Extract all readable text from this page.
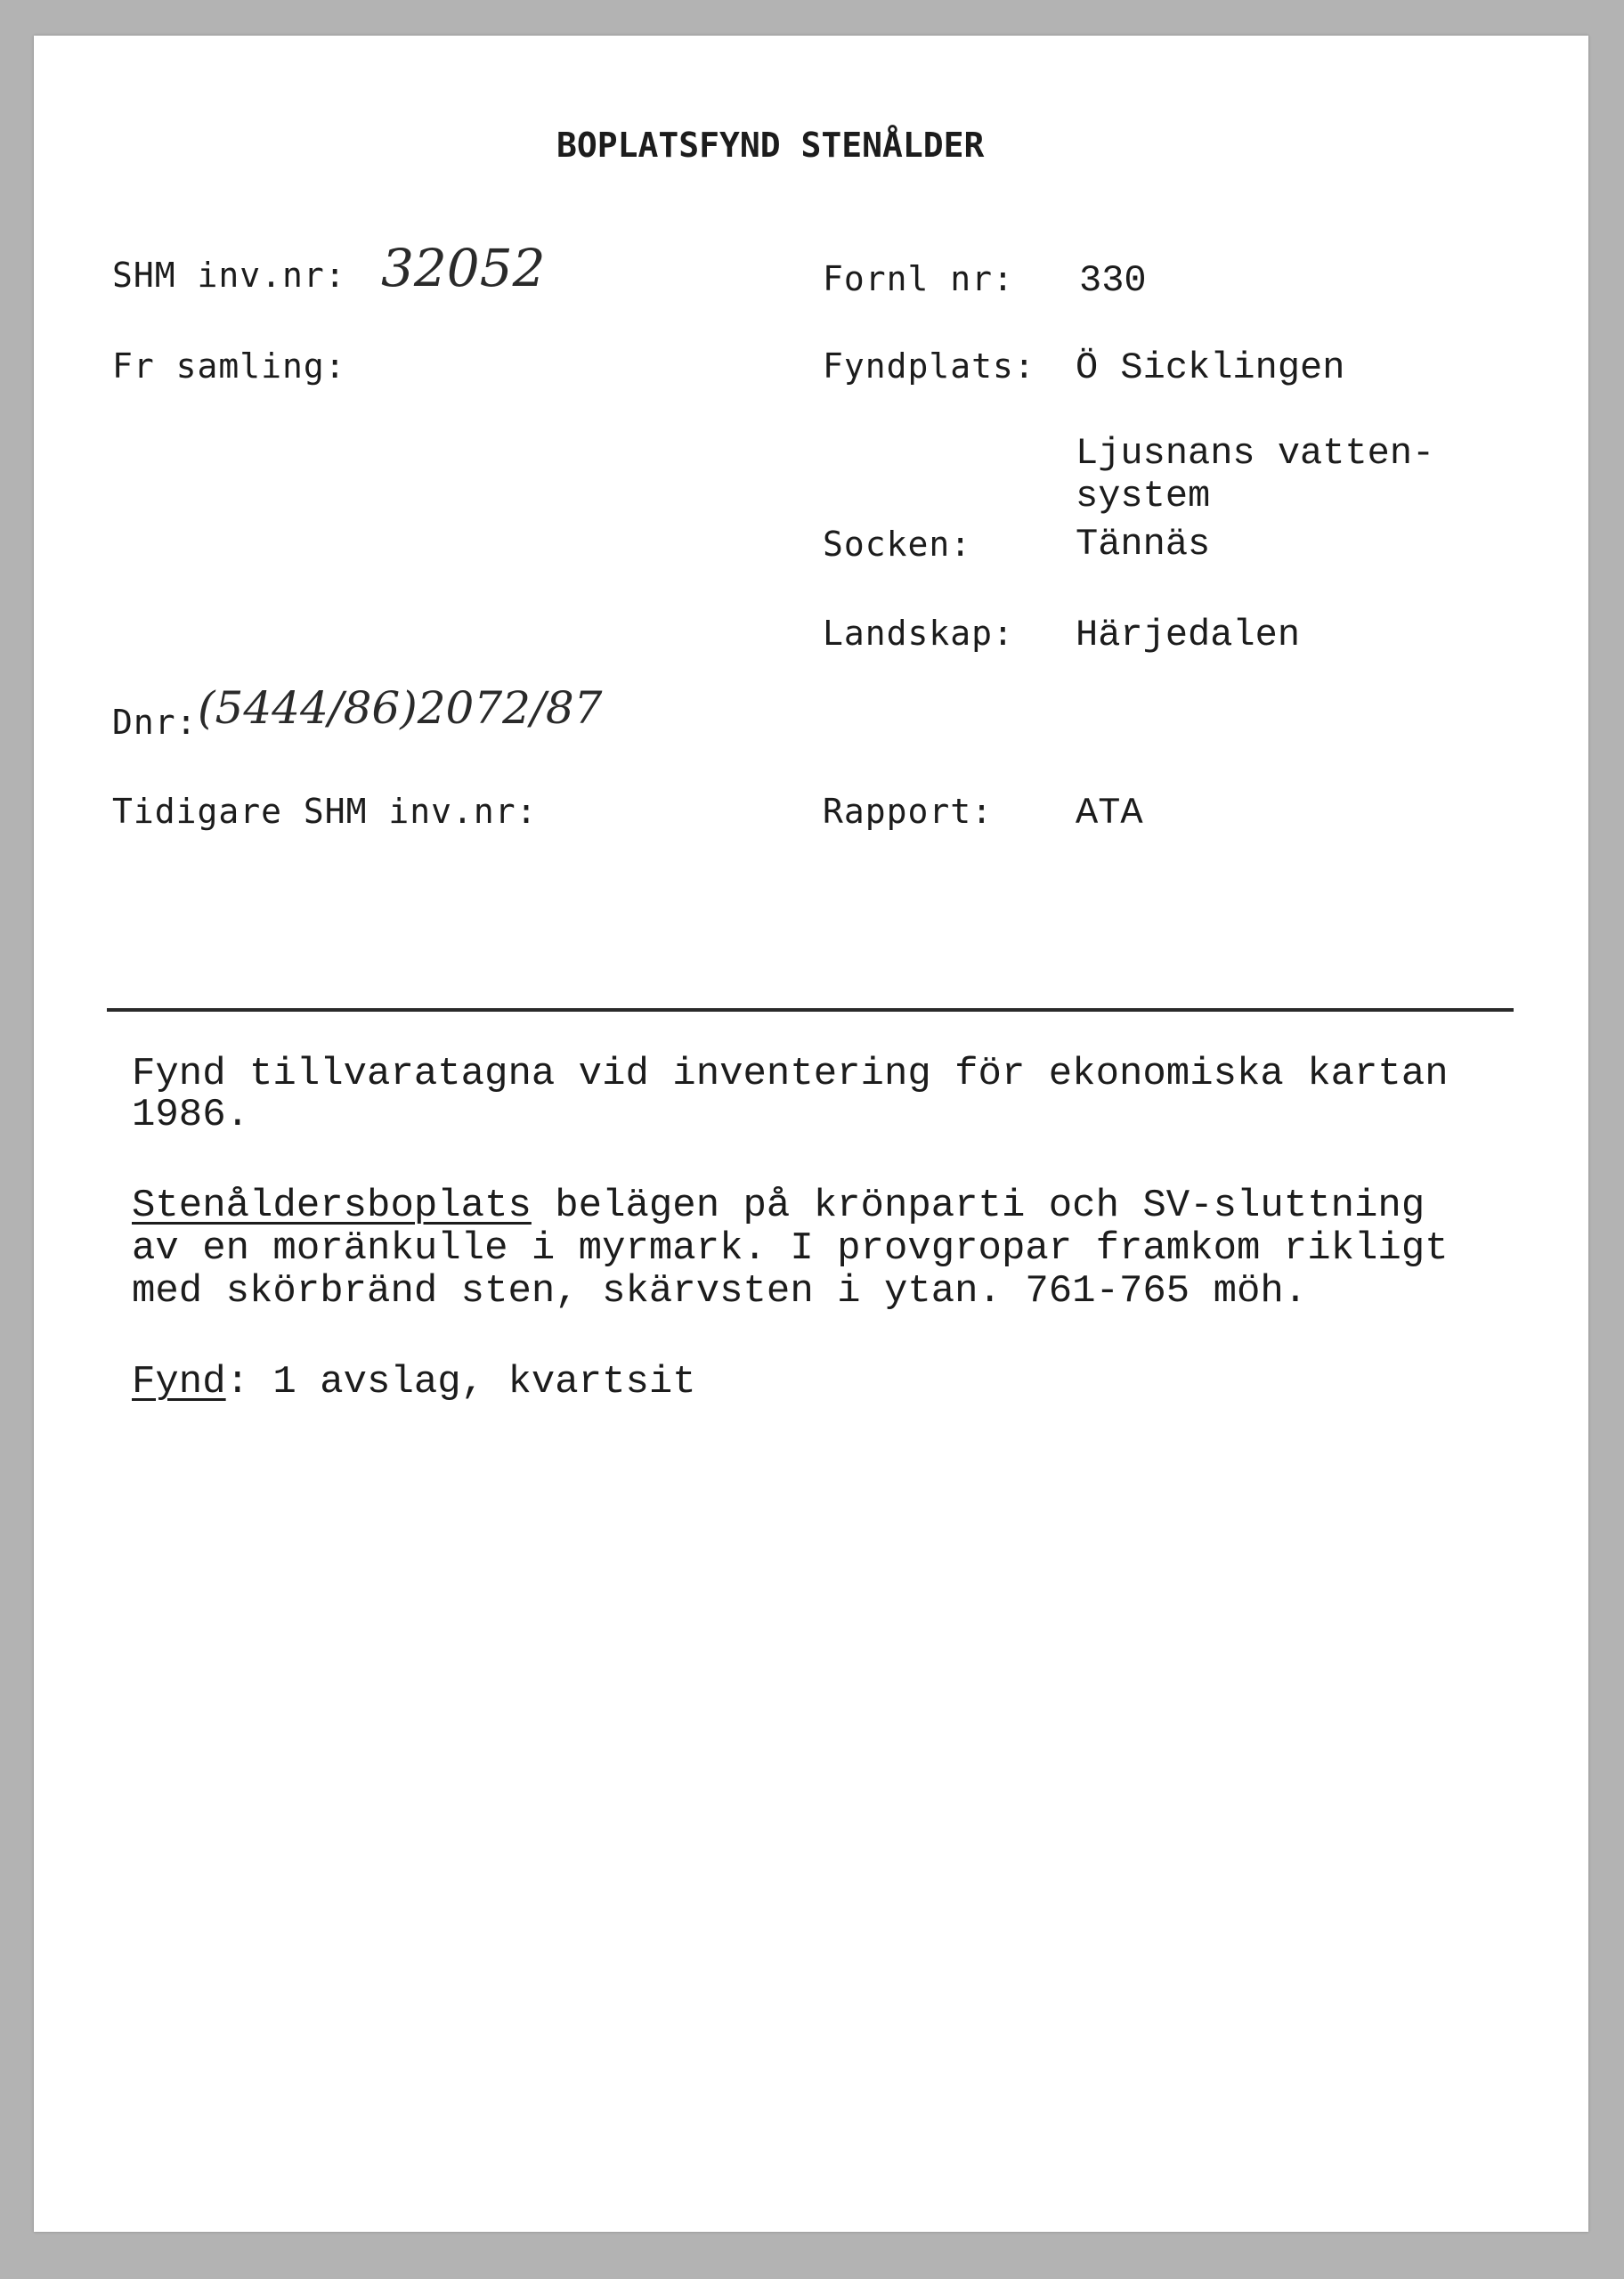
BOPLATSFYND STENÅLDER
SHM inv.nr: 32052
Fr samling:
Dnr: (5444/86)2072/87
Tidigare SHM inv.nr:
Fornl nr: 330
Fyndplats: Ö Sicklingen
Ljusnans vatten-
system
Socken:	Tännäs
Landskap: Härjedalen
Rapport: ATA
Fynd tillvaratagna vid inventering för ekonomiska kartan
1986.
Stenåldersboplats belägen på krönparti och SV-sluttning
av en moränkulle i myrmark. I provgropar framkom rikligt
med skörbränd sten, skärvsten i ytan. 761-765 möh.
Fynd: 1 avslag, kvartsit
